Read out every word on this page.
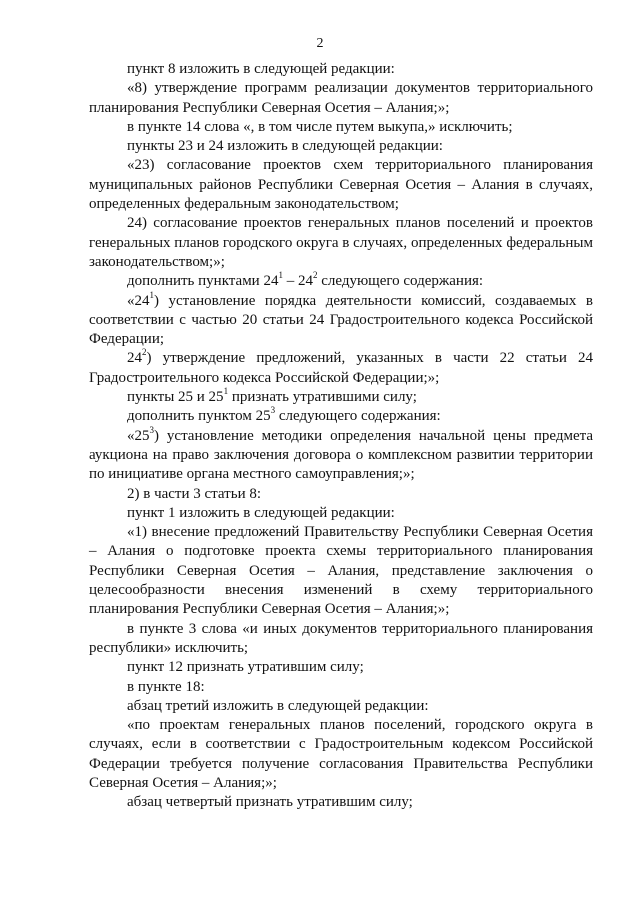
2

пункт 8 изложить в следующей редакции:

«8) утверждение программ реализации документов территориального планирования Республики Северная Осетия – Алания;»;

в пункте 14 слова «, в том числе путем выкупа,» исключить;

пункты 23 и 24 изложить в следующей редакции:

«23) согласование проектов схем территориального планирования муниципальных районов Республики Северная Осетия – Алания в случаях, определенных федеральным законодательством;

24) согласование проектов генеральных планов поселений и проектов генеральных планов городского округа в случаях, определенных федеральным законодательством;»;

дополнить пунктами $24^1 - 24^2$ следующего содержания:

«$24^1$) установление порядка деятельности комиссий, создаваемых в соответствии с частью 20 статьи 24 Градостроительного кодекса Российской Федерации;

$24^2$) утверждение предложений, указанных в части 22 статьи 24 Градостроительного кодекса Российской Федерации;»;

пункты 25 и $25^1$ признать утратившими силу;

дополнить пунктом $25^3$ следующего содержания:

«$25^3$) установление методики определения начальной цены предмета аукциона на право заключения договора о комплексном развитии территории по инициативе органа местного самоуправления;»;

2) в части 3 статьи 8:

пункт 1 изложить в следующей редакции:

«1) внесение предложений Правительству Республики Северная Осетия – Алания о подготовке проекта схемы территориального планирования Республики Северная Осетия – Алания, представление заключения о целесообразности внесения изменений в схему территориального планирования Республики Северная Осетия – Алания;»;

в пункте 3 слова «и иных документов территориального планирования республики» исключить;

пункт 12 признать утратившим силу;

в пункте 18:

абзац третий изложить в следующей редакции:

«по проектам генеральных планов поселений, городского округа в случаях, если в соответствии с Градостроительным кодексом Российской Федерации требуется получение согласования Правительства Республики Северная Осетия – Алания;»;

абзац четвертый признать утратившим силу;
